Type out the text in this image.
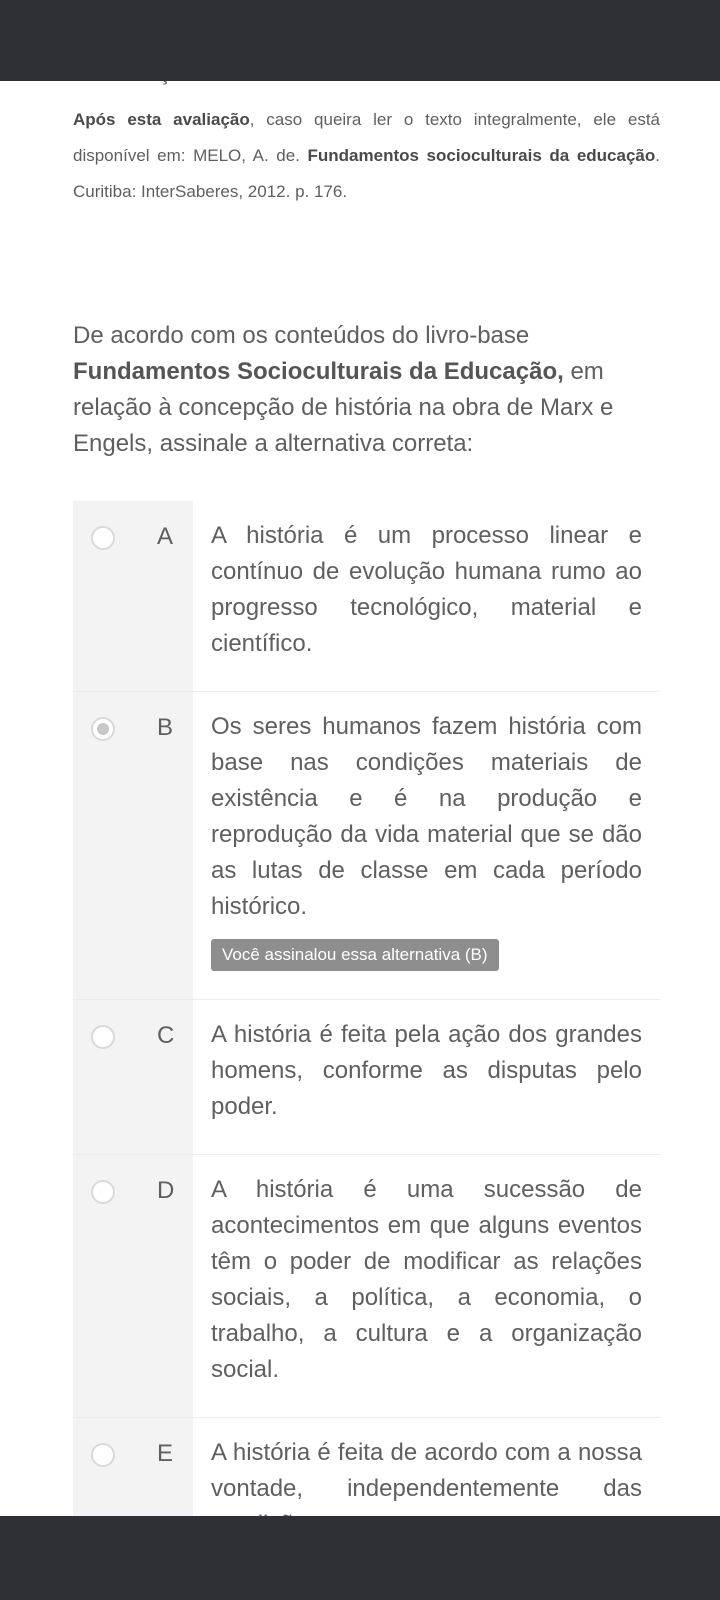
Após esta avaliação, caso queira ler o texto integralmente, ele está disponível em: MELO, A. de. Fundamentos socioculturais da educação. Curitiba: InterSaberes, 2012. p. 176.
De acordo com os conteúdos do livro-base Fundamentos Socioculturais da Educação, em relação à concepção de história na obra de Marx e Engels, assinale a alternativa correta:
A A história é um processo linear e contínuo de evolução humana rumo ao progresso tecnológico, material e científico.
B Os seres humanos fazem história com base nas condições materiais de existência e é na produção e reprodução da vida material que se dão as lutas de classe em cada período histórico.
Você assinalou essa alternativa (B)
C A história é feita pela ação dos grandes homens, conforme as disputas pelo poder.
D A história é uma sucessão de acontecimentos em que alguns eventos têm o poder de modificar as relações sociais, a política, a economia, o trabalho, a cultura e a organização social.
E A história é feita de acordo com a nossa vontade, independentemente das
